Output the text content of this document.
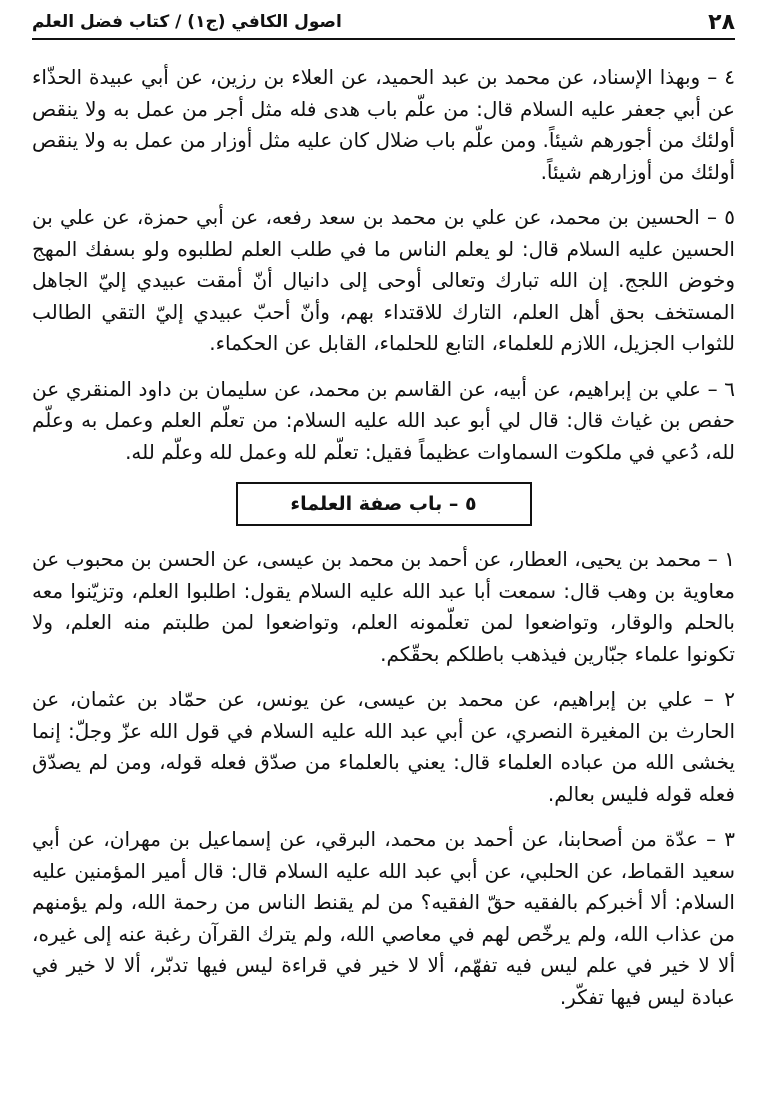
٢٨
اصول الكافي (ج١) / كتاب فضل العلم

٤ – وبهذا الإسناد، عن محمد بن عبد الحميد، عن العلاء بن رزين، عن أبي عبيدة الحذّاء عن أبي جعفر عليه السلام قال: من علّم باب هدى فله مثل أجر من عمل به ولا ينقص أولئك من أجورهم شيئاً. ومن علّم باب ضلال كان عليه مثل أوزار من عمل به ولا ينقص أولئك من أوزارهم شيئاً.

٥ – الحسين بن محمد، عن علي بن محمد بن سعد رفعه، عن أبي حمزة، عن علي بن الحسين عليه السلام قال: لو يعلم الناس ما في طلب العلم لطلبوه ولو بسفك المهج وخوض اللجج. إن الله تبارك وتعالى أوحى إلى دانيال أنّ أمقت عبيدي إليّ الجاهل المستخف بحق أهل العلم، التارك للاقتداء بهم، وأنّ أحبّ عبيدي إليّ التقي الطالب للثواب الجزيل، اللازم للعلماء، التابع للحلماء، القابل عن الحكماء.

٦ – علي بن إبراهيم، عن أبيه، عن القاسم بن محمد، عن سليمان بن داود المنقري عن حفص بن غياث قال: قال لي أبو عبد الله عليه السلام: من تعلّم العلم وعمل به وعلّم لله، دُعي في ملكوت السماوات عظيماً فقيل: تعلّم لله وعمل لله وعلّم لله.

٥ – باب صفة العلماء

١ – محمد بن يحيى، العطار، عن أحمد بن محمد بن عيسى، عن الحسن بن محبوب عن معاوية بن وهب قال: سمعت أبا عبد الله عليه السلام يقول: اطلبوا العلم، وتزيّنوا معه بالحلم والوقار، وتواضعوا لمن تعلّمونه العلم، وتواضعوا لمن طلبتم منه العلم، ولا تكونوا علماء جبّارين فيذهب باطلكم بحقّكم.

٢ – علي بن إبراهيم، عن محمد بن عيسى، عن يونس، عن حمّاد بن عثمان، عن الحارث بن المغيرة النصري، عن أبي عبد الله عليه السلام في قول الله عزّ وجلّ: إنما يخشى الله من عباده العلماء قال: يعني بالعلماء من صدّق فعله قوله، ومن لم يصدّق فعله قوله فليس بعالم.

٣ – عدّة من أصحابنا، عن أحمد بن محمد، البرقي، عن إسماعيل بن مهران، عن أبي سعيد القماط، عن الحلبي، عن أبي عبد الله عليه السلام قال: قال أمير المؤمنين عليه السلام: ألا أخبركم بالفقيه حقّ الفقيه؟ من لم يقنط الناس من رحمة الله، ولم يؤمنهم من عذاب الله، ولم يرخّص لهم في معاصي الله، ولم يترك القرآن رغبة عنه إلى غيره، ألا لا خير في علم ليس فيه تفهّم، ألا لا خير في قراءة ليس فيها تدبّر، ألا لا خير في عبادة ليس فيها تفكّر.
